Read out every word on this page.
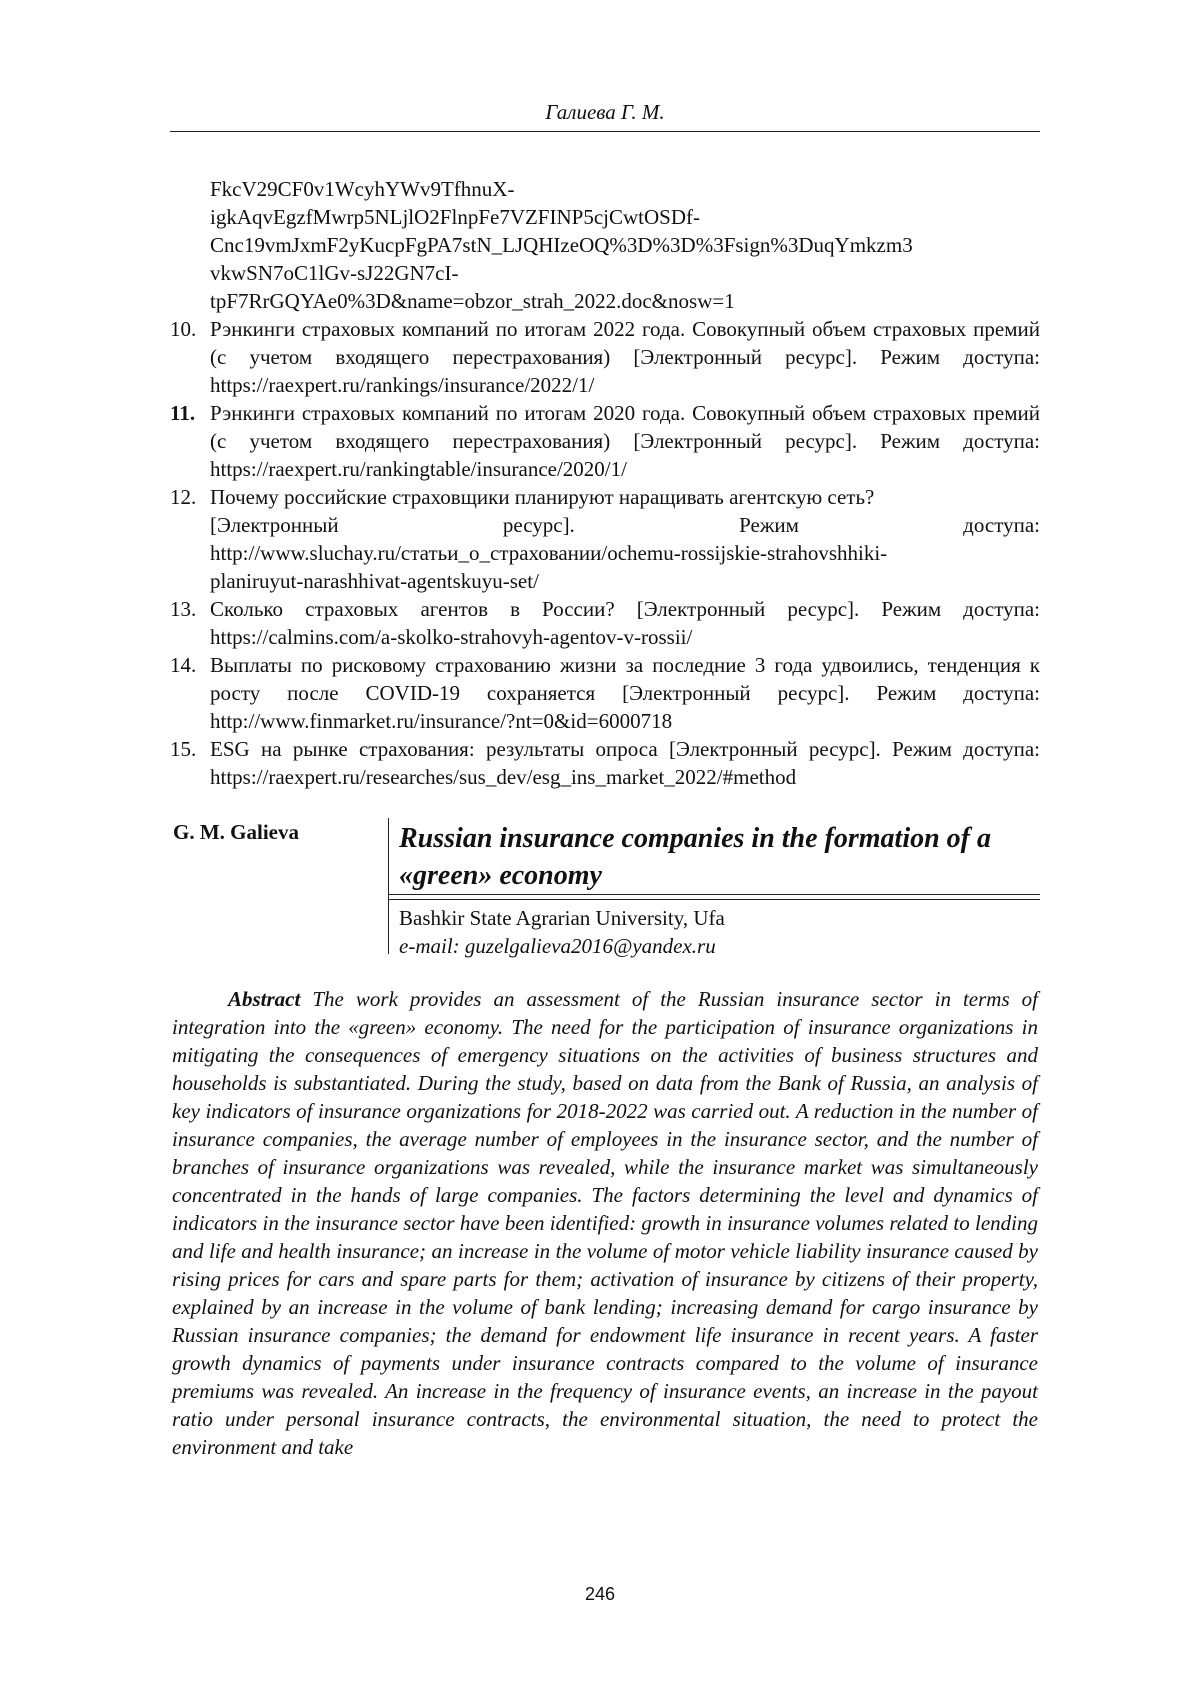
Галиева Г. М.
FkcV29CF0v1WcyhYWv9TfhnuX-
igkAqvEgzfMwrp5NLjlO2FlnpFe7VZFINP5cjCwtOSDf-
Cnc19vmJxmF2yKucpFgPA7stN_LJQHIzeOQ%3D%3D%3Fsign%3DuqYmkzm3
vkwSN7oC1lGv-sJ22GN7cI-
tpF7RrGQYAe0%3D&name=obzor_strah_2022.doc&nosw=1
10. Рэнкинги страховых компаний по итогам 2022 года. Совокупный объем страховых премий (с учетом входящего перестрахования) [Электронный ресурс]. Режим доступа: https://raexpert.ru/rankings/insurance/2022/1/
11. Рэнкинги страховых компаний по итогам 2020 года. Совокупный объем страховых премий (с учетом входящего перестрахования) [Электронный ресурс]. Режим доступа: https://raexpert.ru/rankingtable/insurance/2020/1/
12. Почему российские страховщики планируют наращивать агентскую сеть?
[Электронный ресурс]. Режим доступа:
http://www.sluchay.ru/статьи_о_страховании/ochemu-rossijskie-strahovshhiki-
planiruyut-narashhivat-agentskuyu-set/
13. Сколько страховых агентов в России? [Электронный ресурс]. Режим доступа: https://calmins.com/a-skolko-strahovyh-agentov-v-rossii/
14. Выплаты по рисковому страхованию жизни за последние 3 года удвоились, тенденция к росту после COVID-19 сохраняется [Электронный ресурс]. Режим доступа: http://www.finmarket.ru/insurance/?nt=0&id=6000718
15. ESG на рынке страхования: результаты опроса [Электронный ресурс]. Режим доступа: https://raexpert.ru/researches/sus_dev/esg_ins_market_2022/#method
G. M. Galieva	Russian insurance companies in the formation of a «green» economy
Bashkir State Agrarian University, Ufa
e-mail: guzelgalieva2016@yandex.ru
Abstract The work provides an assessment of the Russian insurance sector in terms of integration into the «green» economy. The need for the participation of insurance organizations in mitigating the consequences of emergency situations on the activities of business structures and households is substantiated. During the study, based on data from the Bank of Russia, an analysis of key indicators of insurance organizations for 2018-2022 was carried out. A reduction in the number of insurance companies, the average number of employees in the insurance sector, and the number of branches of insurance organizations was revealed, while the insurance market was simultaneously concentrated in the hands of large companies. The factors determining the level and dynamics of indicators in the insurance sector have been identified: growth in insurance volumes related to lending and life and health insurance; an increase in the volume of motor vehicle liability insurance caused by rising prices for cars and spare parts for them; activation of insurance by citizens of their property, explained by an increase in the volume of bank lending; increasing demand for cargo insurance by Russian insurance companies; the demand for endowment life insurance in recent years. A faster growth dynamics of payments under insurance contracts compared to the volume of insurance premiums was revealed. An increase in the frequency of insurance events, an increase in the payout ratio under personal insurance contracts, the environmental situation, the need to protect the environment and take
246
